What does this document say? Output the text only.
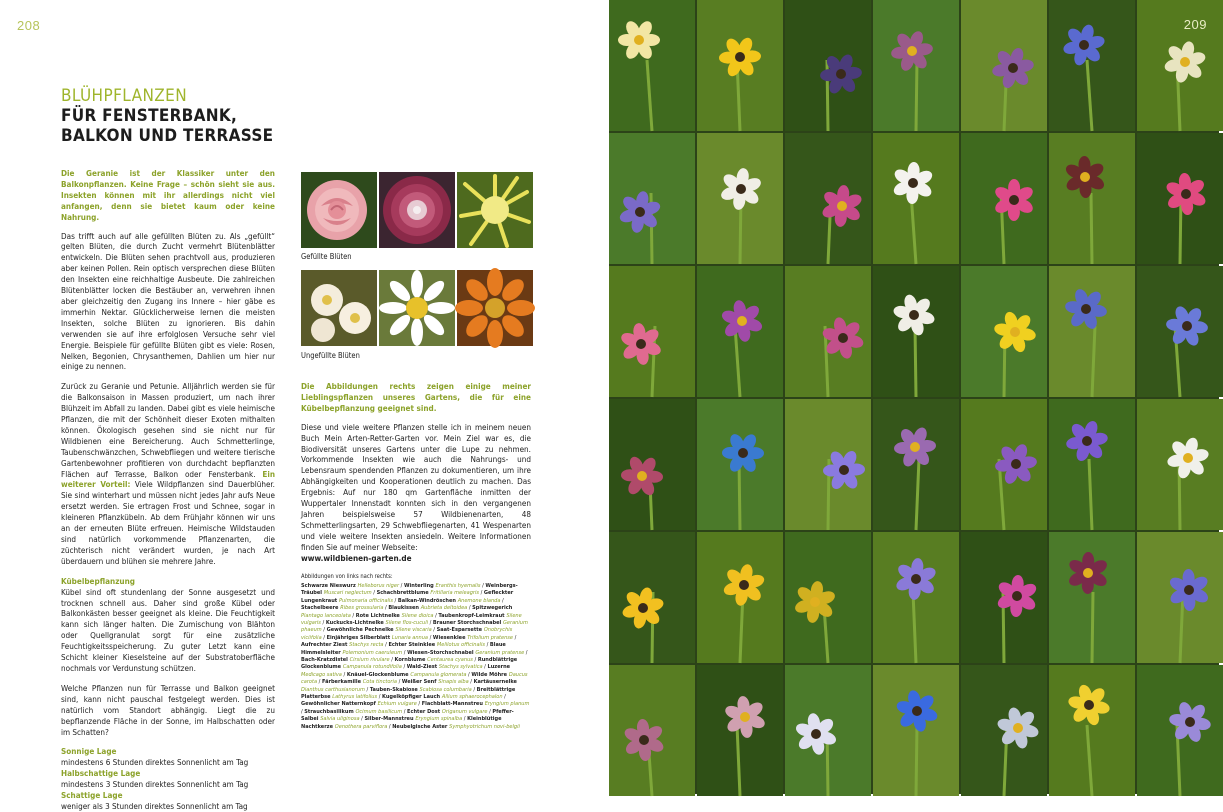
208
BLÜHPFLANZEN
FÜR FENSTERBANK,
BALKON UND TERRASSE

Die Geranie ist der Klassiker unter den Balkonpflanzen. Keine Frage – schön sieht sie aus. Insekten können mit ihr allerdings nicht viel anfangen, denn sie bietet kaum oder keine Nahrung.

Das trifft auch auf alle gefüllten Blüten zu. Als „gefüllt“ gelten Blüten, die durch Zucht vermehrt Blütenblätter entwickeln. Die Blüten sehen prachtvoll aus, produzieren aber keinen Pollen. Rein optisch versprechen diese Blüten den Insekten eine reichhaltige Ausbeute. Die zahlreichen Blütenblätter locken die Bestäuber an, verwehren ihnen aber gleichzeitig den Zugang ins Innere – hier gäbe es immerhin Nektar. Glücklicherweise lernen die meisten Insekten, solche Blüten zu ignorieren. Bis dahin verwenden sie auf ihre erfolglosen Versuche sehr viel Energie. Beispiele für gefüllte Blüten gibt es viele: Rosen, Nelken, Begonien, Chrysanthemen, Dahlien um hier nur einige zu nennen.

Zurück zu Geranie und Petunie. Alljährlich werden sie für die Balkonsaison in Massen produziert, um nach ihrer Blühzeit im Abfall zu landen. Dabei gibt es viele heimische Pflanzen, die mit der Schönheit dieser Exoten mithalten können. Ökologisch gesehen sind sie nicht nur für Wildbienen eine Bereicherung. Auch Schmetterlinge, Taubenschwänzchen, Schwebfliegen und weitere tierische Gartenbewohner profitieren von durchdacht bepflanzten Flächen auf Terrasse, Balkon oder Fensterbank. Ein weiterer Vorteil: Viele Wildpflanzen sind Dauerblüher. Sie sind winterhart und müssen nicht jedes Jahr aufs Neue ersetzt werden. Sie ertragen Frost und Schnee, sogar in kleineren Pflanzkübeln. Ab dem Frühjahr können wir uns an der erneuten Blüte erfreuen. Heimische Wildstauden sind natürlich vorkommende Pflanzenarten, die züchterisch nicht verändert wurden, je nach Art überdauern und blühen sie mehrere Jahre.

Kübelbepflanzung

Kübel sind oft stundenlang der Sonne ausgesetzt und trocknen schnell aus. Daher sind große Kübel oder Balkonkästen besser geeignet als kleine. Die Feuchtigkeit kann sich länger halten. Die Zumischung von Blähton oder Quellgranulat sorgt für eine zusätzliche Feuchtigkeitsspeicherung. Zu guter Letzt kann eine Schicht kleiner Kieselsteine auf der Substratoberfläche nochmals vor Verdunstung schützen.

Welche Pflanzen nun für Terrasse und Balkon geeignet sind, kann nicht pauschal festgelegt werden. Dies ist natürlich vom Standort abhängig. Liegt die zu bepflanzende Fläche in der Sonne, im Halbschatten oder im Schatten?

Sonnige Lage
mindestens 6 Stunden direktes Sonnenlicht am Tag
Halbschattige Lage
mindestens 3 Stunden direktes Sonnenlicht am Tag
Schattige Lage
weniger als 3 Stunden direktes Sonnenlicht am Tag
Gefüllte Blüten
Ungefüllte Blüten

Die Abbildungen rechts zeigen einige meiner Lieblingspflanzen unseres Gartens, die für eine Kübelbepflanzung geeignet sind.

Diese und viele weitere Pflanzen stelle ich in meinem neuen Buch Mein Arten-Retter-Garten vor. Mein Ziel war es, die Biodiversität unseres Gartens unter die Lupe zu nehmen. Vorkommende Insekten wie auch die Nahrungs- und Lebensraum spendenden Pflanzen zu dokumentieren, um ihre Abhängigkeiten und Kooperationen deutlich zu machen. Das Ergebnis: Auf nur 180 qm Gartenfläche inmitten der Wuppertaler Innenstadt konnten sich in den vergangenen Jahren beispielsweise 57 Wildbienenarten, 48 Schmetterlingsarten, 29 Schwebfliegenarten, 41 Wespenarten und viele weitere Insekten ansiedeln. Weitere Informationen finden Sie auf meiner Webseite:

www.wildbienen-garten.de

Abbildungen von links nach rechts:
Schwarze Nieswurz Helleborus niger / Winterling Eranthis hyemalis / Weinbergs-Träubel Muscari neglectum / Schachbrettblume Fritillaria meleagris / Gefleckter Lungenkraut Pulmonaria officinalis / Balkan-Windröschen Anemone blanda / Stachelbeere Ribes grossularia / Blaukissen Aubrieta deltoidea / Spitzwegerich Plantago lanceolata / Rote Lichtnelke Silene dioica / Taubenkropf-Leimkraut Silene vulgaris / Kuckucks-Lichtnelke Silene flos-cuculi / Brauner Storchschnabel Geranium phaeum / Gewöhnliche Pechnelke Silene viscaria / Saat-Esparsette Onobrychis viciifolia / Einjähriges Silberblatt Lunaria annua / Wiesenklee Trifolium pratense / Aufrechter Ziest Stachys recta / Echter Steinklee Melilotus officinalis / Blaue Himmelsleiter Polemonium caeruleum / Wiesen-Storchschnabel Geranium pratense / Bach-Kratzdistel Cirsium rivulare / Kornblume Centaurea cyanus / Rundblättrige Glockenblume Campanula rotundifolia / Wald-Ziest Stachys sylvatica / Luzerne Medicago sativa / Knäuel-Glockenblume Campanula glomerata / Wilde Möhre Daucus carota / Färberkamille Cota tinctoria / Weißer Senf Sinapis alba / Kartäusernelke Dianthus carthusianorum / Tauben-Skabiose Scabiosa columbaria / Breitblättrige Platterbse Lathyrus latifolius / Kugelköpfiger Lauch Allium sphaerocephalon / Gewöhnlicher Natternkopf Echium vulgare / Flachblatt-Mannstreu Eryngium planum / Strauchbasilikum Ocimum basilicum / Echter Dost Origanum vulgare / Pfeffer-Salbei Salvia uliginosa / Silber-Mannstreu Eryngium spinalba / Kleinblütige Nachtkerze Oenothera parviflora / Neubelgische Aster Symphyotrichum novi-belgii
209
